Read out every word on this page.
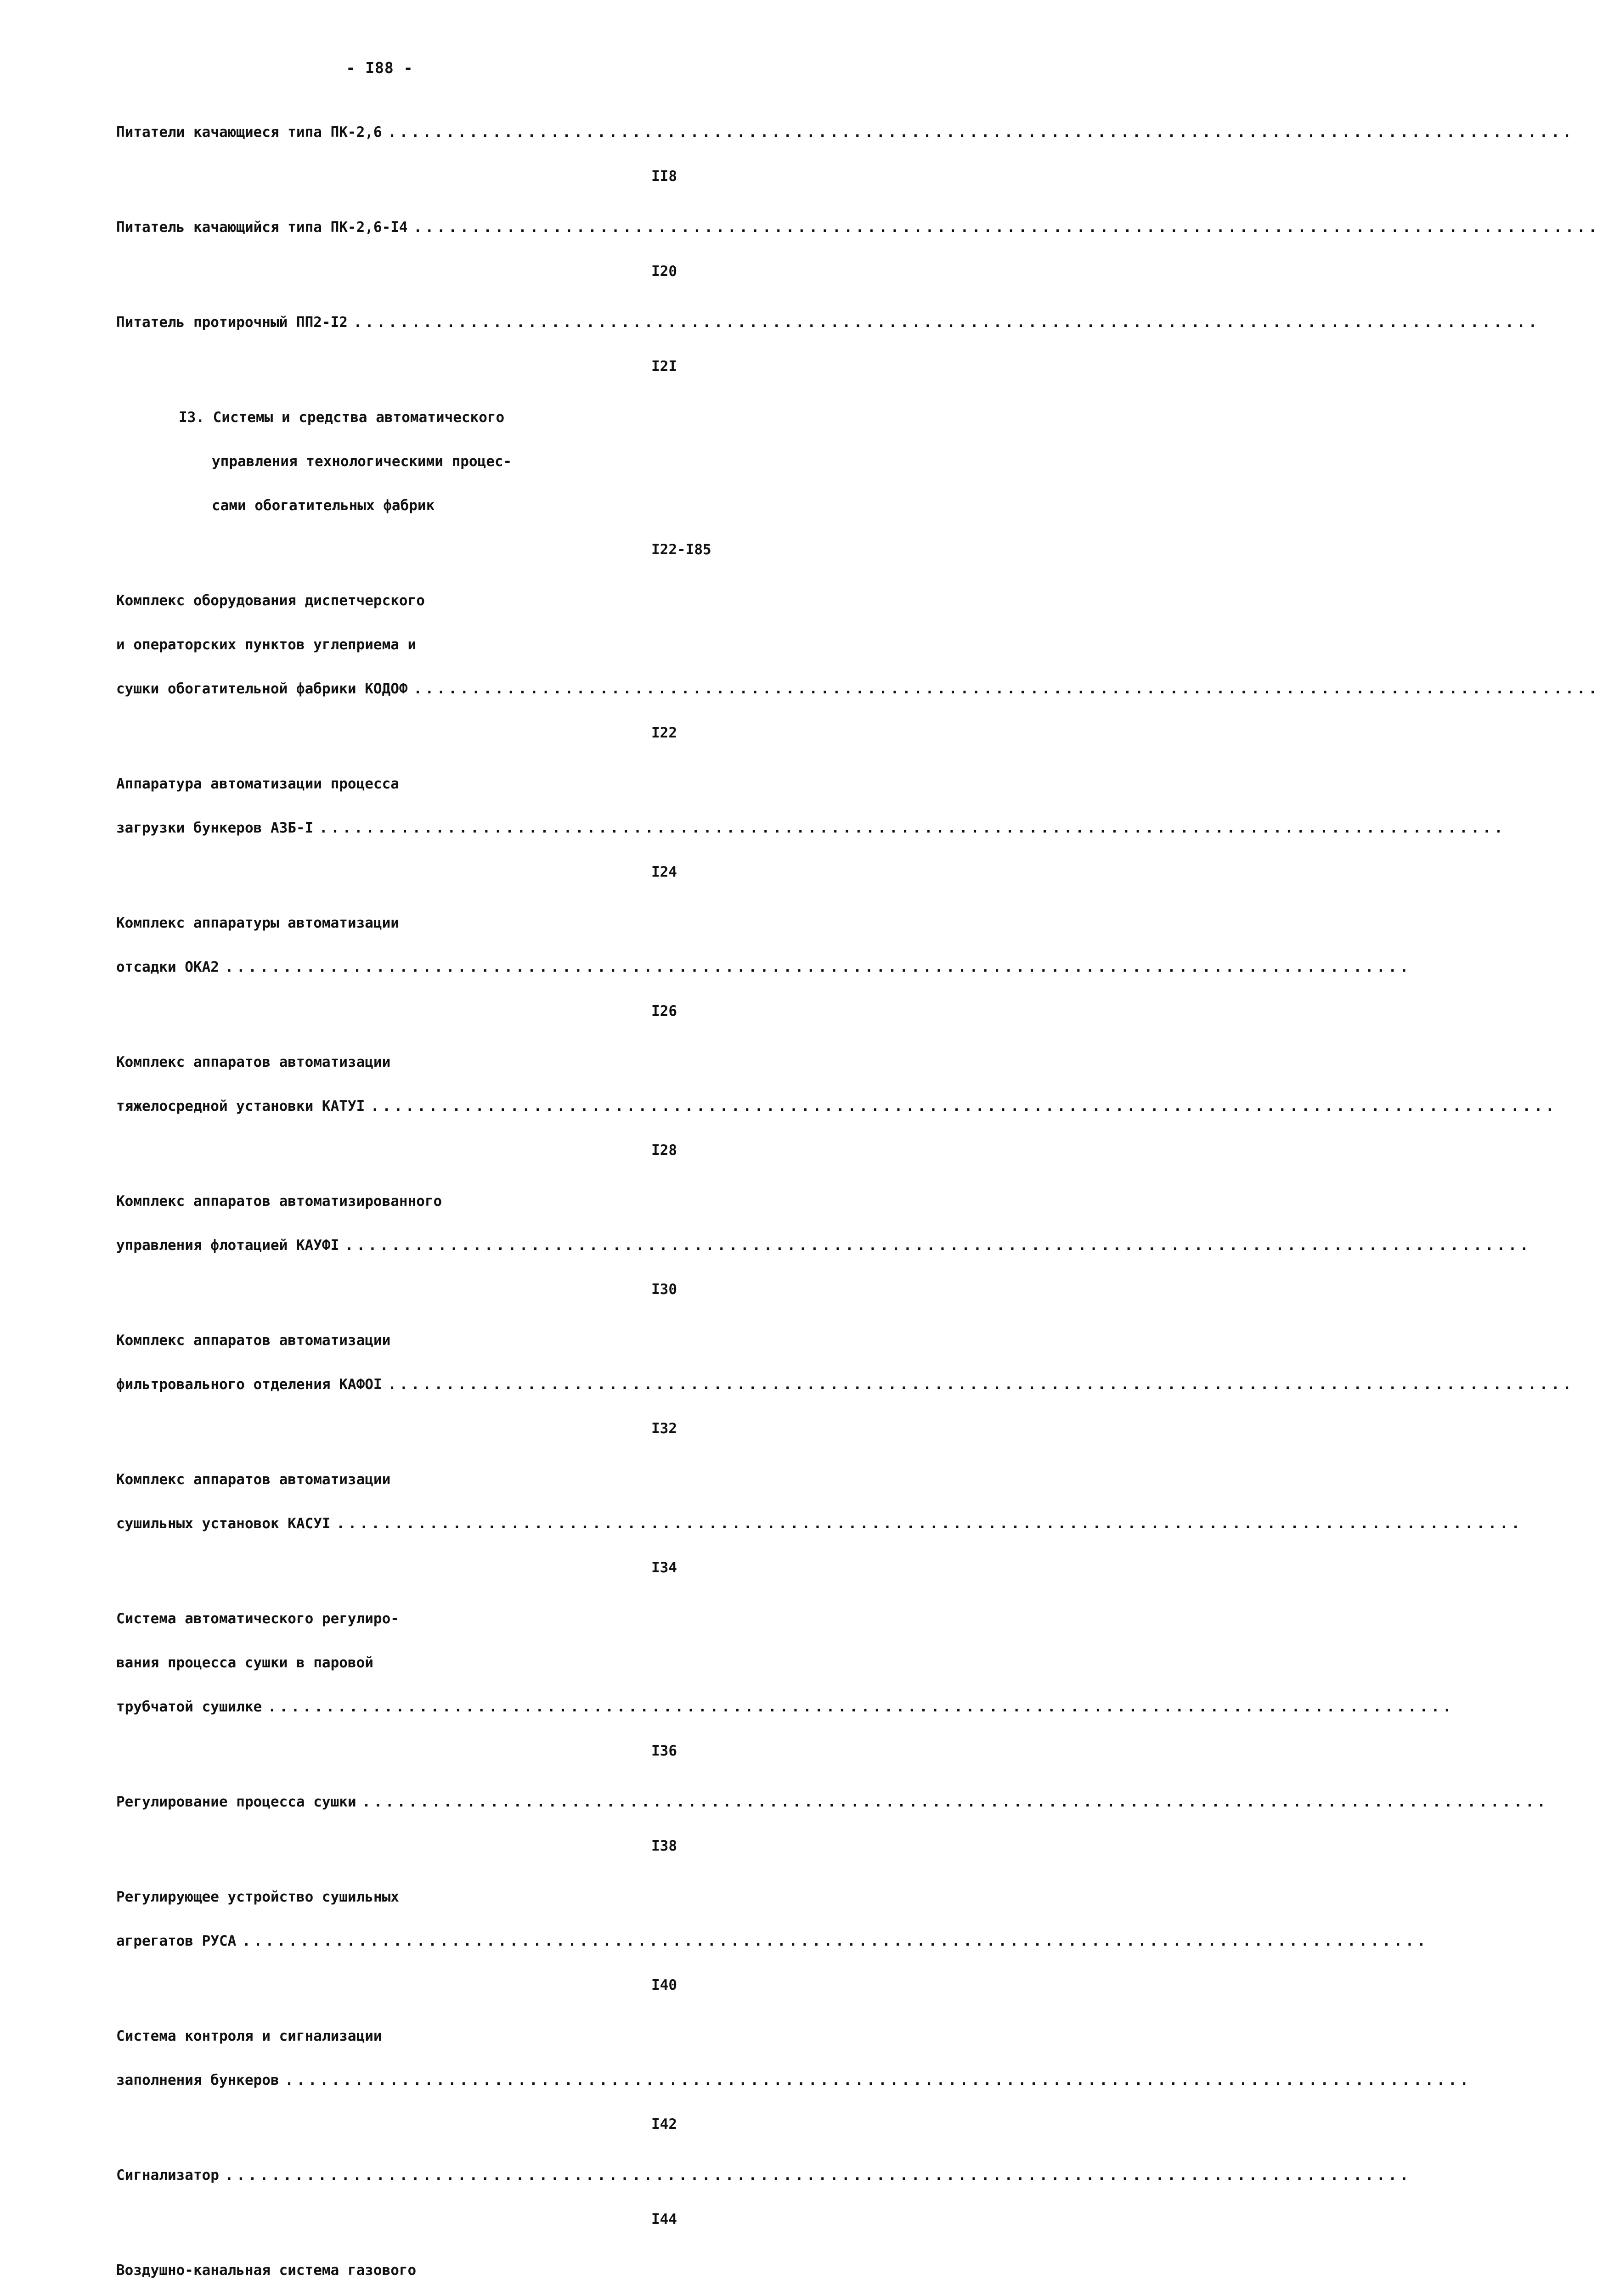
- I88 -

Питатели качающиеся типа ПК-2,6 . . .

II8

Питатель качающийся типа ПК-2,6-I4 . . .

I20

Питатель протирочный ПП2-I2 . . .

I2I

I3. Системы и средства автоматического

управления технологическими процес-

сами обогатительных фабрик

I22-I85

Комплекс оборудования диспетчерского

и операторских пунктов углеприема и

сушки обогатительной фабрики КОДОФ . . .

I22

Аппаратура автоматизации процесса

загрузки бункеров АЗБ-I . . .

I24

Комплекс аппаратуры автоматизации

отсадки ОКА2 . . .

I26

Комплекс аппаратов автоматизации

тяжелосредной установки КАТУI . . .

I28

Комплекс аппаратов автоматизированного

управления флотацией КАУФI . . .

I30

Комплекс аппаратов автоматизации

фильтровального отделения КАФОI . . .

I32

Комплекс аппаратов автоматизации

сушильных установок КАСУI . . .

I34

Система автоматического регулиро-

вания процесса сушки в паровой

трубчатой сушилке . . .

I36

Регулирование процесса сушки . . .

I38

Регулирующее устройство сушильных

агрегатов РУСА . . .

I40

Система контроля и сигнализации

заполнения бункеров . . .

I42

Сигнализатор . . .

I44

Воздушно-канальная система газового
